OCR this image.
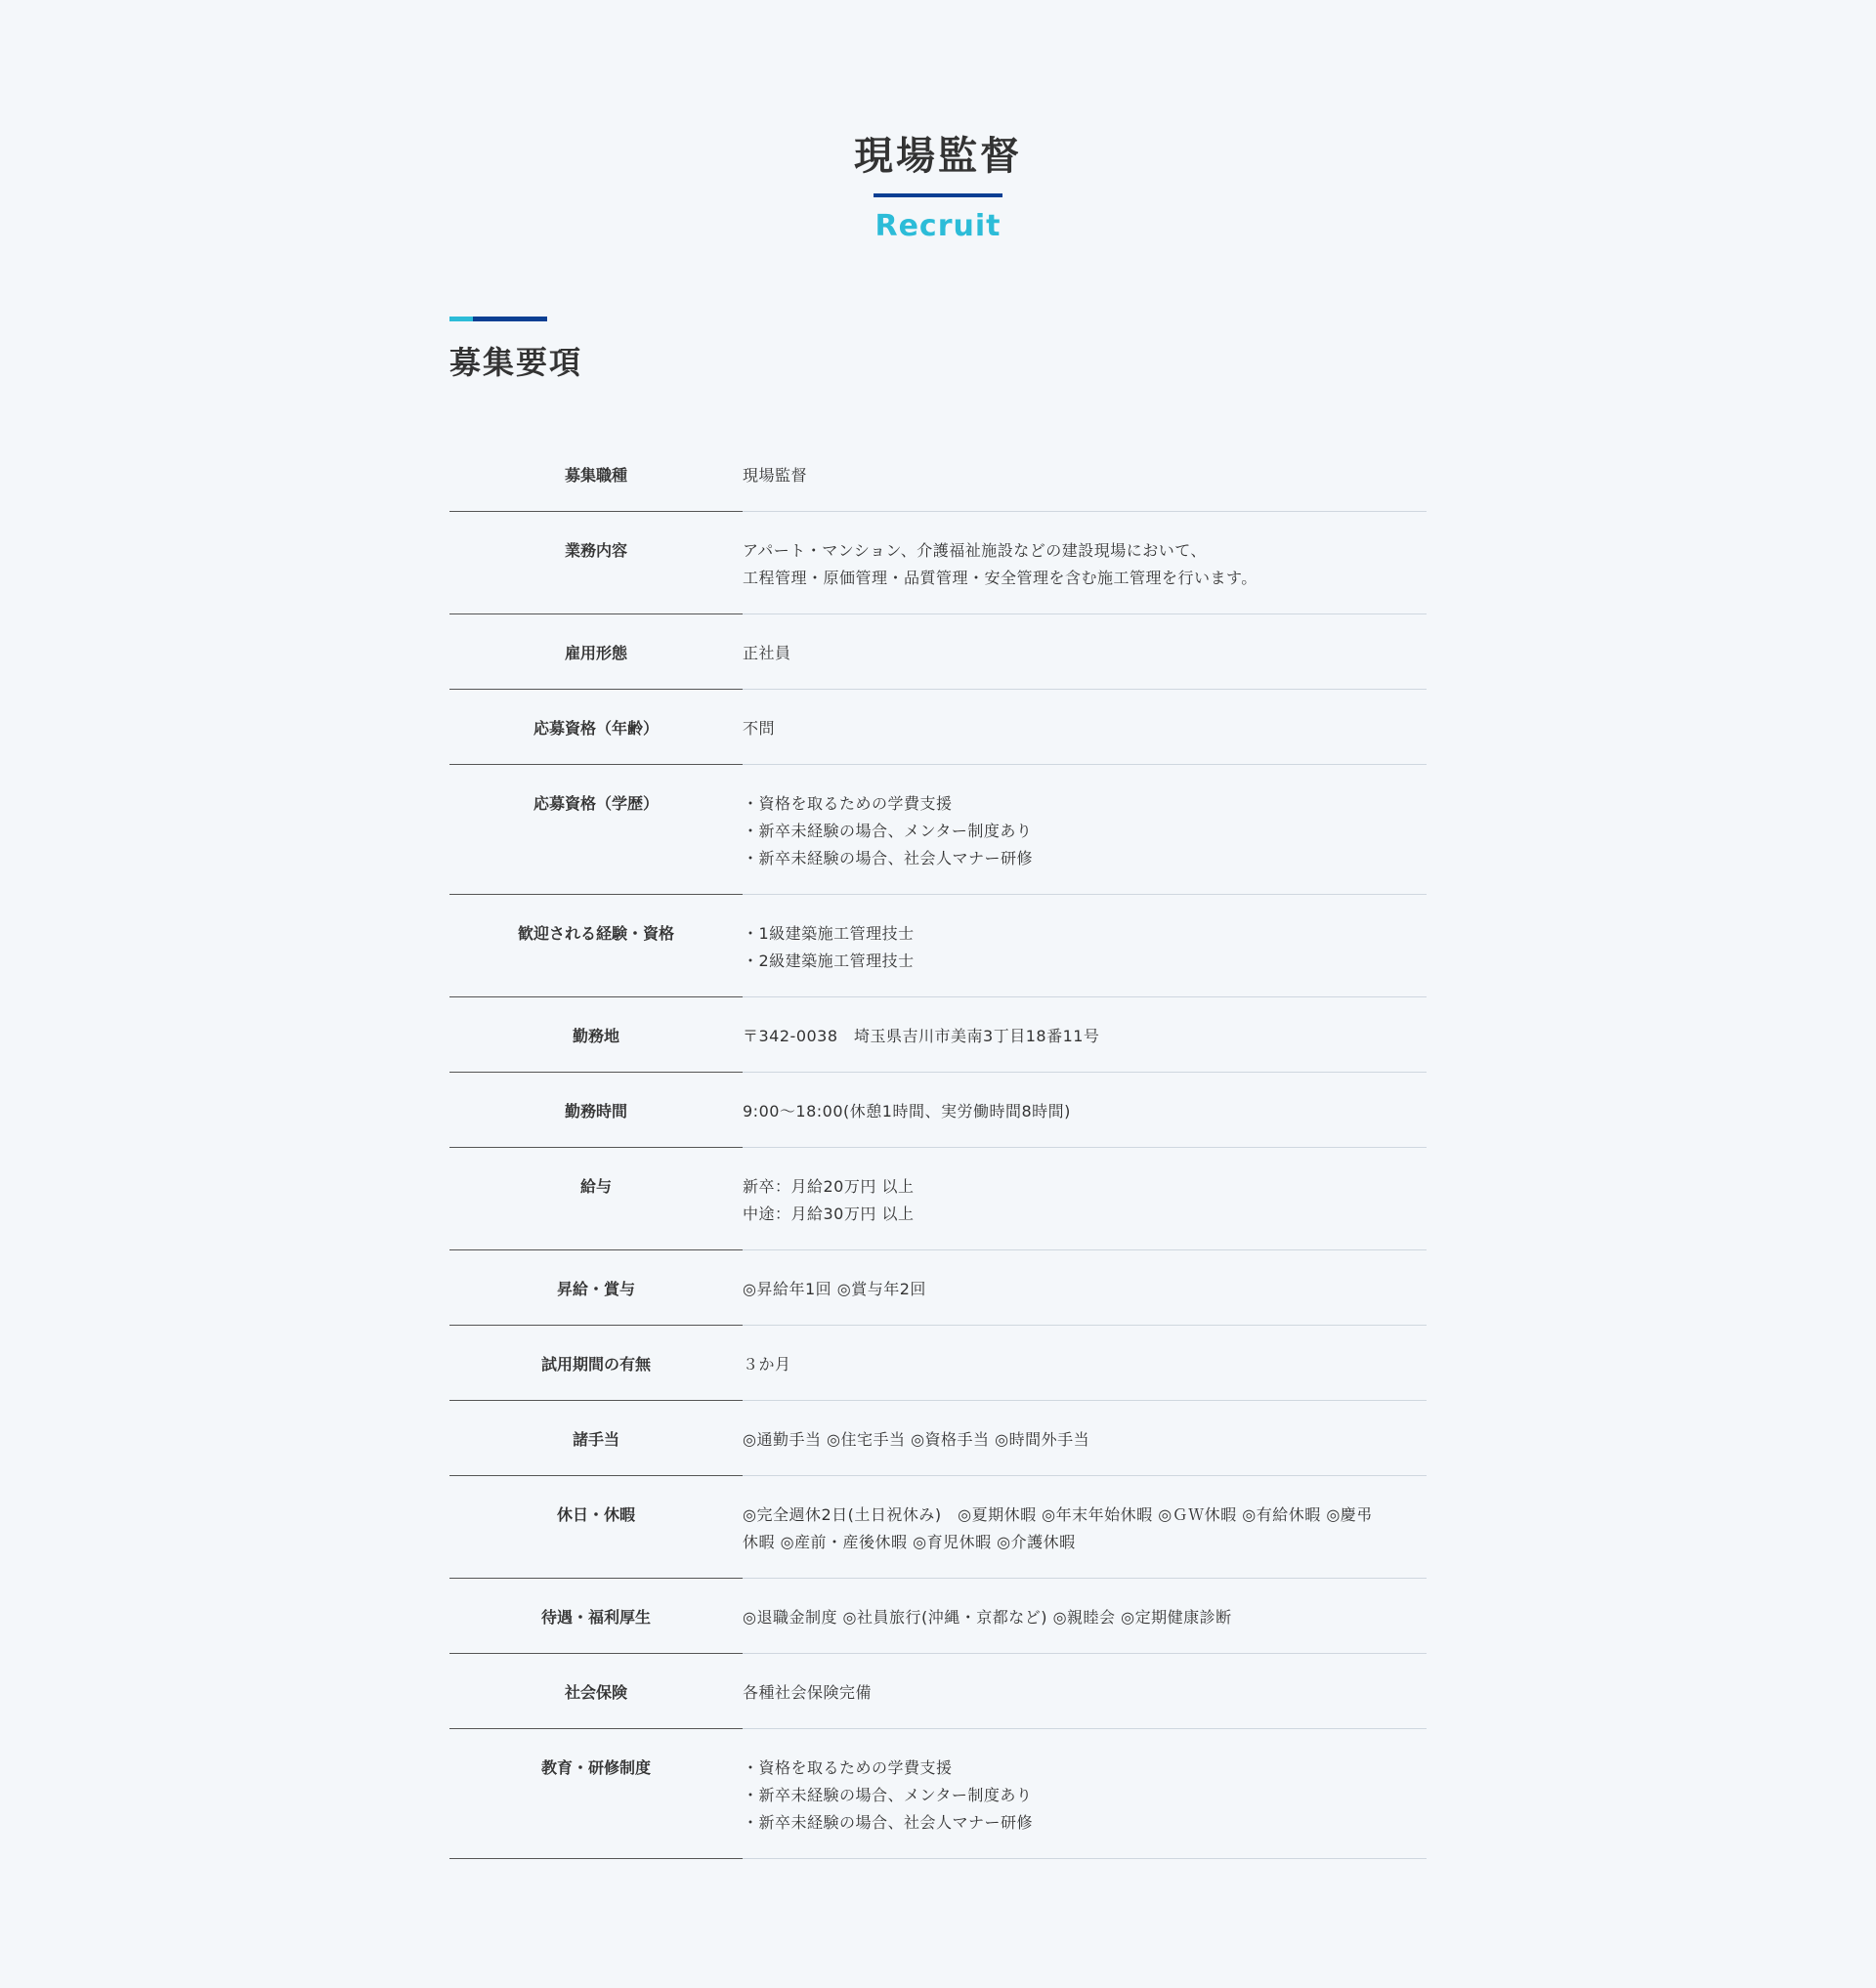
現場監督
Recruit
募集要項
募集職種	現場監督
業務内容	アパート・マンション、介護福祉施設などの建設現場において、
工程管理・原価管理・品質管理・安全管理を含む施工管理を行います。
雇用形態	正社員
応募資格（年齢）	不問
応募資格（学歴）	・資格を取るための学費支援
・新卒未経験の場合、メンター制度あり
・新卒未経験の場合、社会人マナー研修
歓迎される経験・資格	・1級建築施工管理技士
・2級建築施工管理技士
勤務地	〒342-0038　埼玉県吉川市美南3丁目18番11号
勤務時間	9:00〜18:00(休憩1時間、実労働時間8時間)
給与	新卒：月給20万円 以上
中途：月給30万円 以上
昇給・賞与	◎昇給年1回 ◎賞与年2回
試用期間の有無	３か月
諸手当	◎通勤手当 ◎住宅手当 ◎資格手当 ◎時間外手当
休日・休暇	◎完全週休2日(土日祝休み)　◎夏期休暇 ◎年末年始休暇 ◎ＧＷ休暇 ◎有給休暇 ◎慶弔
休暇 ◎産前・産後休暇 ◎育児休暇 ◎介護休暇
待遇・福利厚生	◎退職金制度 ◎社員旅行(沖縄・京都など) ◎親睦会 ◎定期健康診断
社会保険	各種社会保険完備
教育・研修制度	・資格を取るための学費支援
・新卒未経験の場合、メンター制度あり
・新卒未経験の場合、社会人マナー研修
